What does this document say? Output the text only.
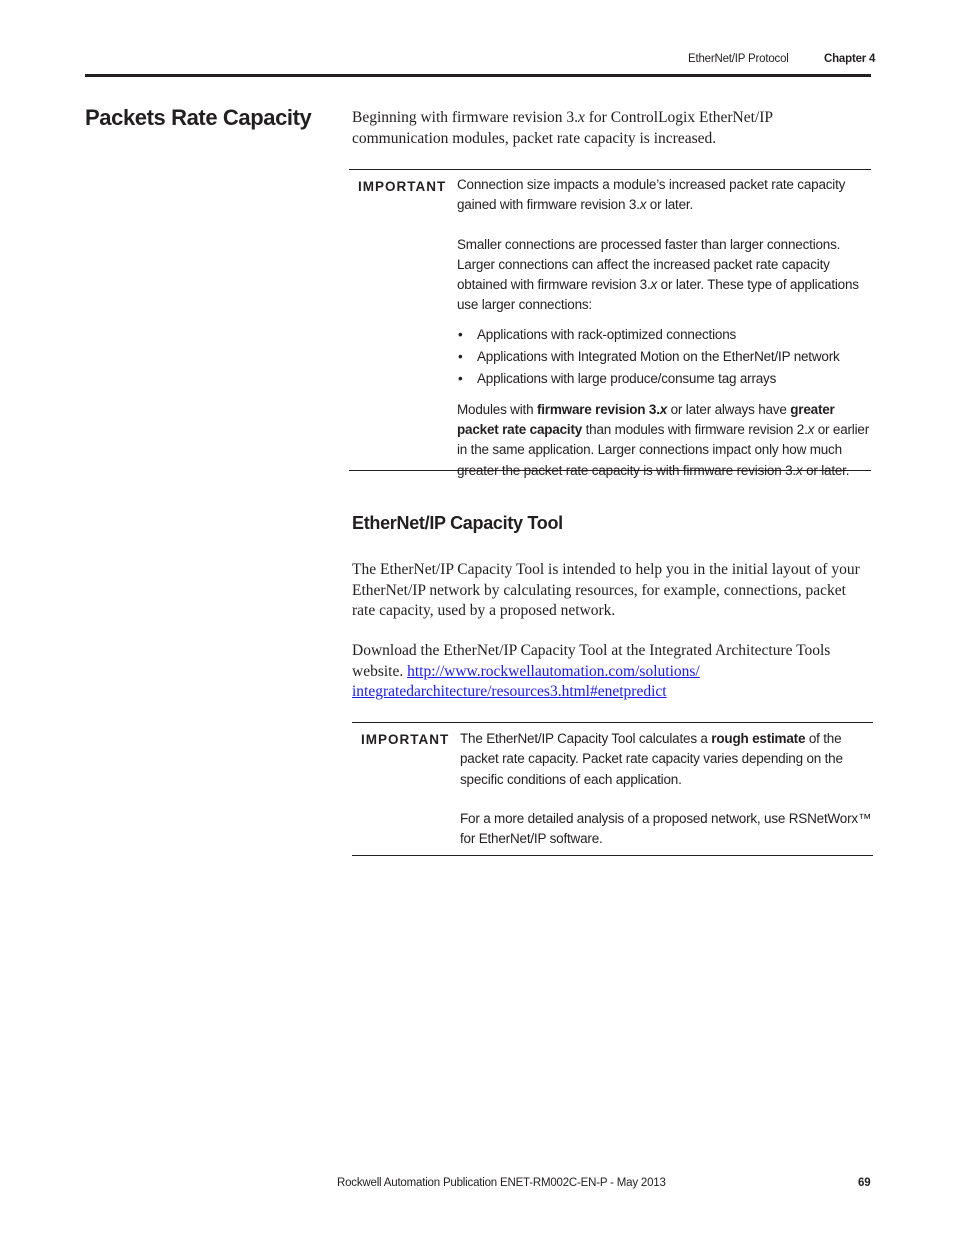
EtherNet/IP Protocol	Chapter 4
Packets Rate Capacity	Beginning with firmware revision 3.x for ControlLogix EtherNet/IP communication modules, packet rate capacity is increased.
IMPORTANT Connection size impacts a module’s increased packet rate capacity gained with firmware revision 3.x or later.

Smaller connections are processed faster than larger connections. Larger connections can affect the increased packet rate capacity obtained with firmware revision 3.x or later. These type of applications use larger connections:

• Applications with rack-optimized connections
• Applications with Integrated Motion on the EtherNet/IP network
• Applications with large produce/consume tag arrays

Modules with firmware revision 3.x or later always have greater packet rate capacity than modules with firmware revision 2.x or earlier in the same application. Larger connections impact only how much greater the packet rate capacity is with firmware revision 3.x or later.

EtherNet/IP Capacity Tool
The EtherNet/IP Capacity Tool is intended to help you in the initial layout of your EtherNet/IP network by calculating resources, for example, connections, packet rate capacity, used by a proposed network.
Download the EtherNet/IP Capacity Tool at the Integrated Architecture Tools website. http://www.rockwellautomation.com/solutions/
integratedarchitecture/resources3.html#enetpredict
IMPORTANT The EtherNet/IP Capacity Tool calculates a rough estimate of the packet rate capacity. Packet rate capacity varies depending on the specific conditions of each application.

For a more detailed analysis of a proposed network, use RSNetWorx™ for EtherNet/IP software.

Rockwell Automation Publication ENET-RM002C-EN-P - May 2013	69
